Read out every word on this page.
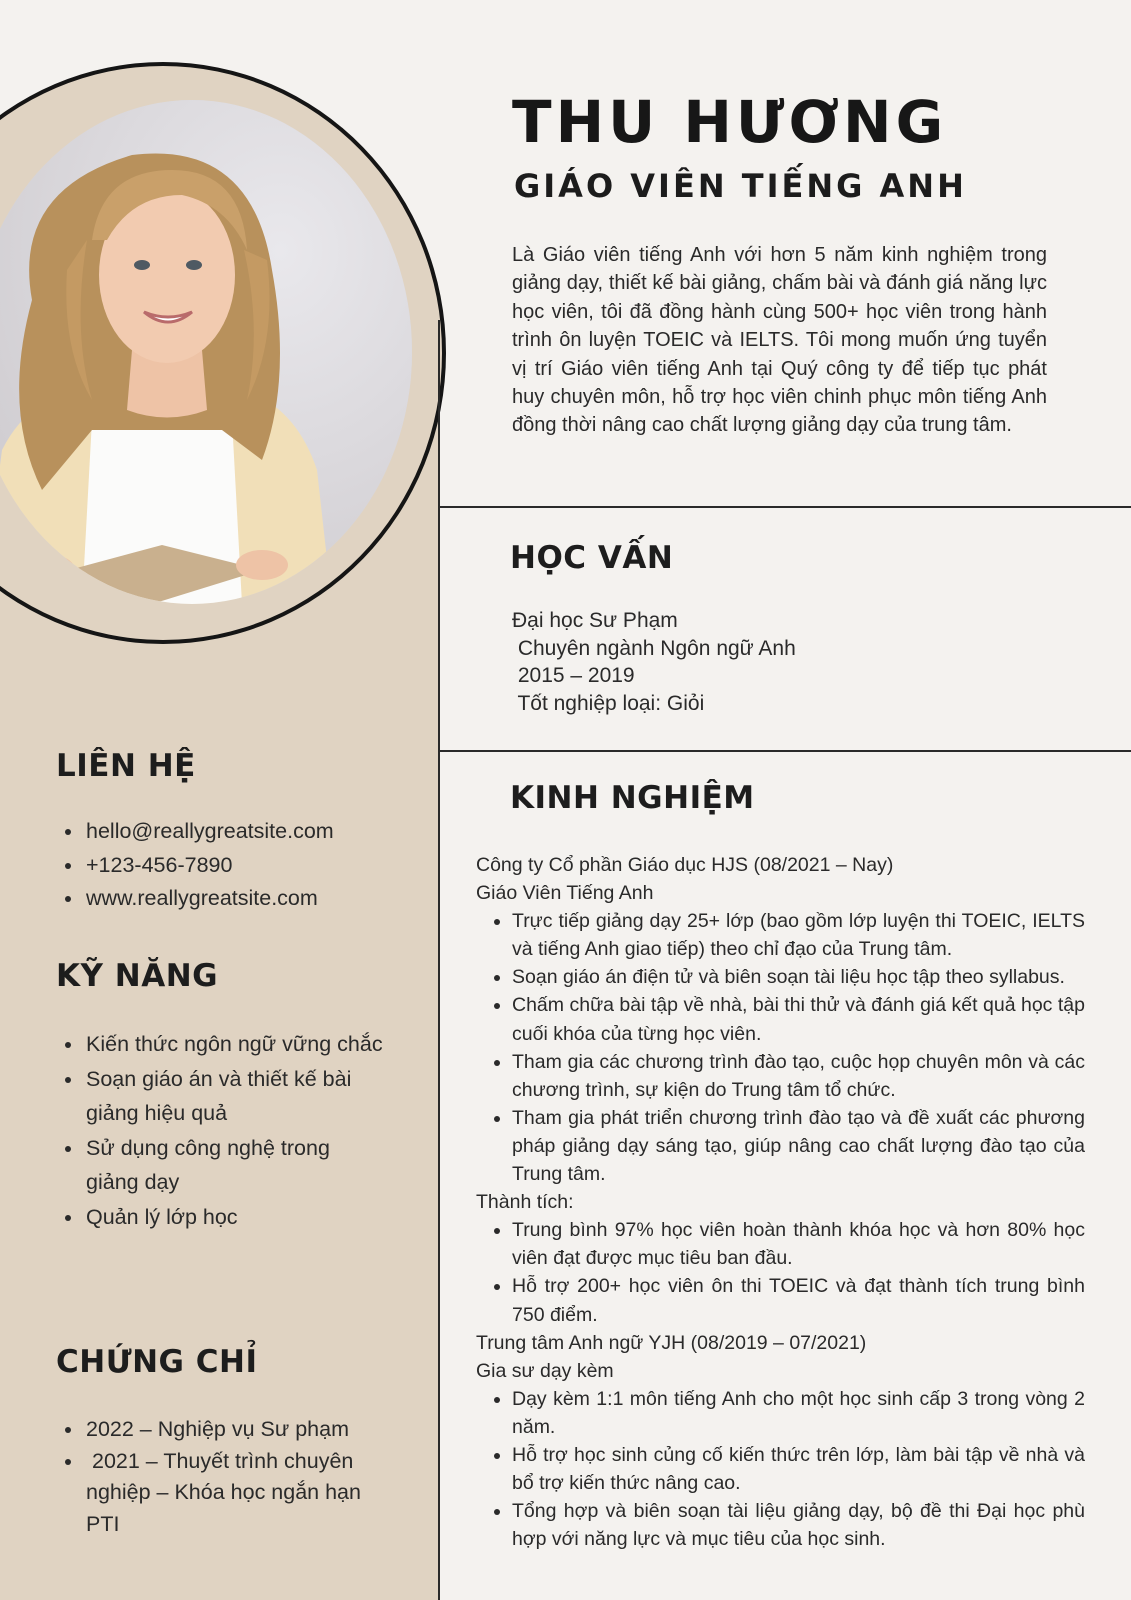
THU HƯƠNG
GIÁO VIÊN TIẾNG ANH

Là Giáo viên tiếng Anh với hơn 5 năm kinh nghiệm trong giảng dạy, thiết kế bài giảng, chấm bài và đánh giá năng lực học viên, tôi đã đồng hành cùng 500+ học viên trong hành trình ôn luyện TOEIC và IELTS. Tôi mong muốn ứng tuyển vị trí Giáo viên tiếng Anh tại Quý công ty để tiếp tục phát huy chuyên môn, hỗ trợ học viên chinh phục môn tiếng Anh đồng thời nâng cao chất lượng giảng dạy của trung tâm.

HỌC VẤN
Đại học Sư Phạm
Chuyên ngành Ngôn ngữ Anh
2015 – 2019
Tốt nghiệp loại: Giỏi
KINH NGHIỆM
Công ty Cổ phần Giáo dục HJS (08/2021 – Nay)
Giáo Viên Tiếng Anh
• Trực tiếp giảng dạy 25+ lớp (bao gồm lớp luyện thi TOEIC, IELTS và tiếng Anh giao tiếp) theo chỉ đạo của Trung tâm.
• Soạn giáo án điện tử và biên soạn tài liệu học tập theo syllabus.
• Chấm chữa bài tập về nhà, bài thi thử và đánh giá kết quả học tập cuối khóa của từng học viên.
• Tham gia các chương trình đào tạo, cuộc họp chuyên môn và các chương trình, sự kiện do Trung tâm tổ chức.
• Tham gia phát triển chương trình đào tạo và đề xuất các phương pháp giảng dạy sáng tạo, giúp nâng cao chất lượng đào tạo của Trung tâm.
Thành tích:
• Trung bình 97% học viên hoàn thành khóa học và hơn 80% học viên đạt được mục tiêu ban đầu.
• Hỗ trợ 200+ học viên ôn thi TOEIC và đạt thành tích trung bình 750 điểm.
Trung tâm Anh ngữ YJH (08/2019 – 07/2021)
Gia sư dạy kèm
• Dạy kèm 1:1 môn tiếng Anh cho một học sinh cấp 3 trong vòng 2 năm.
• Hỗ trợ học sinh củng cố kiến thức trên lớp, làm bài tập về nhà và bổ trợ kiến thức nâng cao.
• Tổng hợp và biên soạn tài liệu giảng dạy, bộ đề thi Đại học phù hợp với năng lực và mục tiêu của học sinh.
LIÊN HỆ
• hello@reallygreatsite.com
• +123-456-7890
• www.reallygreatsite.com
KỸ NĂNG
• Kiến thức ngôn ngữ vững chắc
• Soạn giáo án và thiết kế bài giảng hiệu quả
• Sử dụng công nghệ trong giảng dạy
• Quản lý lớp học
CHỨNG CHỈ
• 2022 – Nghiệp vụ Sư phạm
•  2021 – Thuyết trình chuyên nghiệp – Khóa học ngắn hạn PTI
